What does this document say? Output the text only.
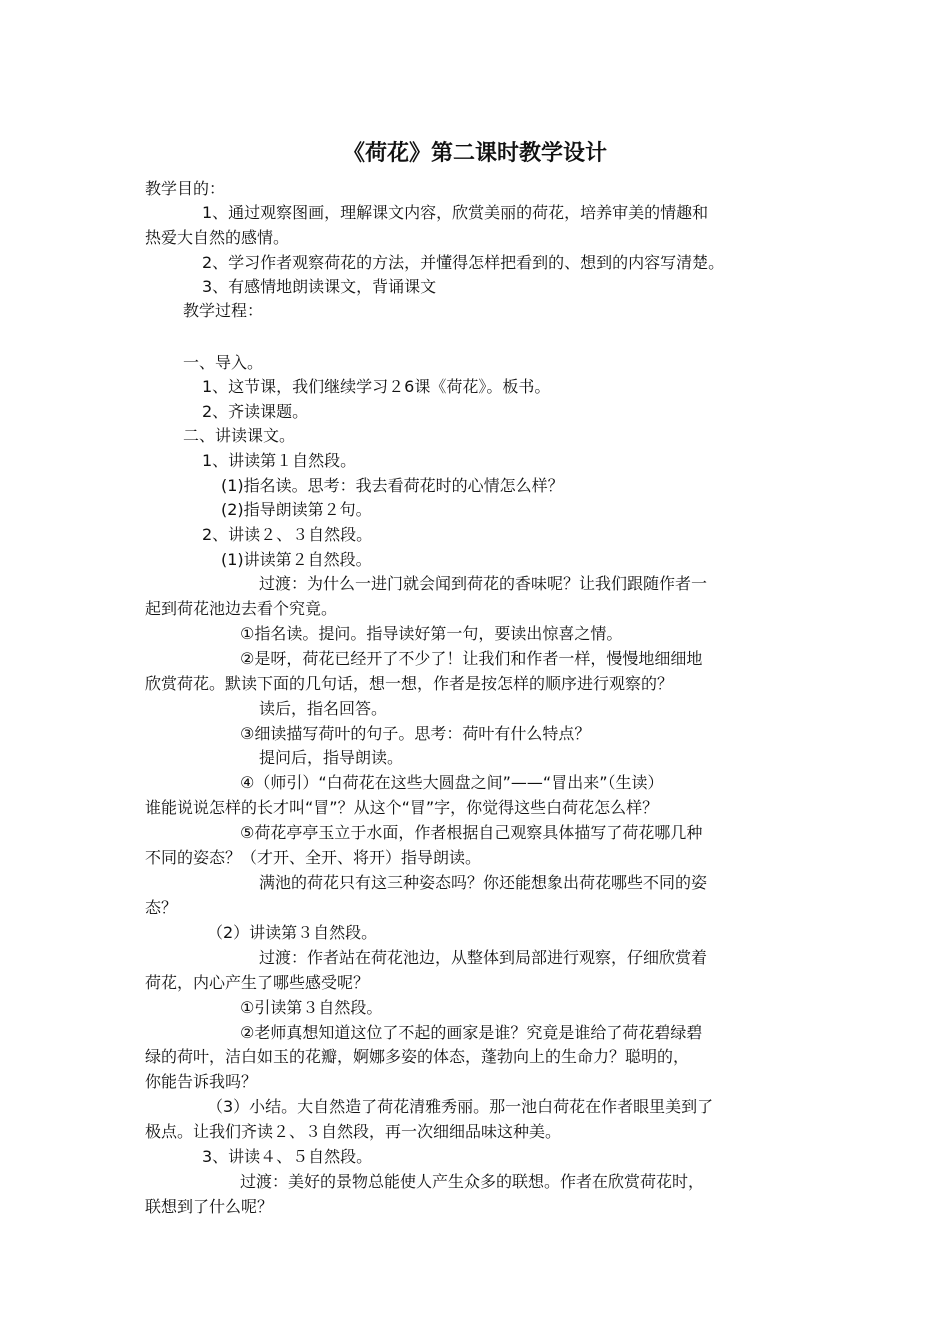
《荷花》第二课时教学设计
教学目的：
1、通过观察图画，理解课文内容，欣赏美丽的荷花，培养审美的情趣和
热爱大自然的感情。
2、学习作者观察荷花的方法，并懂得怎样把看到的、想到的内容写清楚。
3、有感情地朗读课文，背诵课文
教学过程：
一、导入。
1、这节课，我们继续学习２6课《荷花》。板书。
2、齐读课题。
二、讲读课文。
1、讲读第１自然段。
(1)指名读。思考：我去看荷花时的心情怎么样？
(2)指导朗读第２句。
2、讲读２、３自然段。
(1)讲读第２自然段。
过渡：为什么一进门就会闻到荷花的香味呢？让我们跟随作者一
起到荷花池边去看个究竟。
①指名读。提问。指导读好第一句，要读出惊喜之情。
②是呀，荷花已经开了不少了！让我们和作者一样，慢慢地细细地
欣赏荷花。默读下面的几句话，想一想，作者是按怎样的顺序进行观察的？
读后，指名回答。
③细读描写荷叶的句子。思考：荷叶有什么特点？
提问后，指导朗读。
④（师引）“白荷花在这些大圆盘之间”——“冒出来”（生读）
谁能说说怎样的长才叫“冒”？从这个“冒”字，你觉得这些白荷花怎么样？
⑤荷花亭亭玉立于水面，作者根据自己观察具体描写了荷花哪几种
不同的姿态？（才开、全开、将开）指导朗读。
满池的荷花只有这三种姿态吗？你还能想象出荷花哪些不同的姿
态？
（2）讲读第３自然段。
过渡：作者站在荷花池边，从整体到局部进行观察，仔细欣赏着
荷花，内心产生了哪些感受呢？
①引读第３自然段。
②老师真想知道这位了不起的画家是谁？究竟是谁给了荷花碧绿碧
绿的荷叶，洁白如玉的花瓣，婀娜多姿的体态，蓬勃向上的生命力？聪明的，
你能告诉我吗？
（3）小结。大自然造了荷花清雅秀丽。那一池白荷花在作者眼里美到了
极点。让我们齐读２、３自然段，再一次细细品味这种美。
3、讲读４、５自然段。
过渡：美好的景物总能使人产生众多的联想。作者在欣赏荷花时，
联想到了什么呢？
